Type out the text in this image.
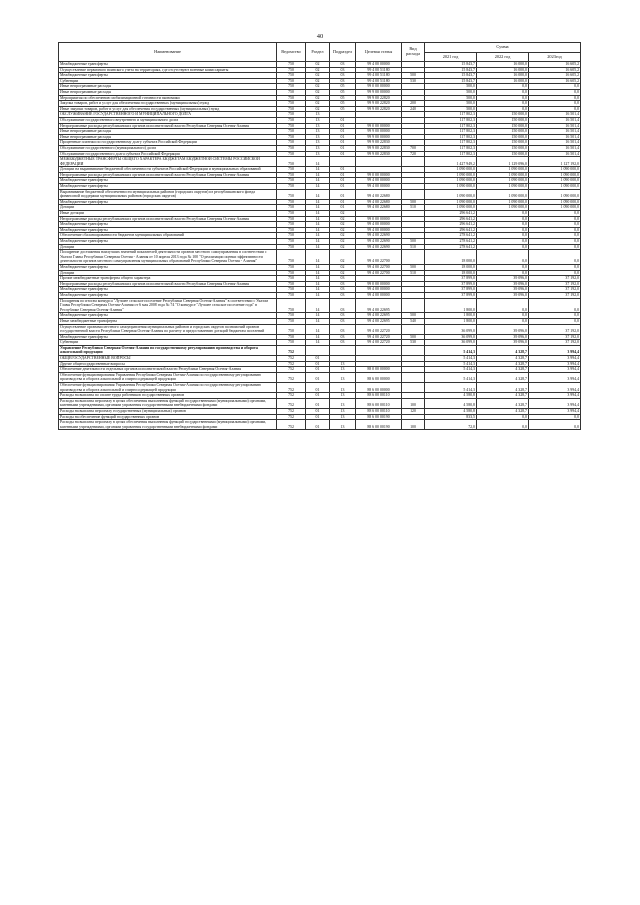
40
Наименование	Ведомство	Раздел	Подраздел	Целевая статья	Вид расхода	Сумма		
						2021 год	2022 год	2023год
Межбюджетные трансферты	750	02	03	99 4 00 00000		15 843,7	16 000,0	16 605,2
Осуществление первичного воинского учета на территориях, где отсутствуют военные комиссариаты	750	02	03	99 4 00 51180		15 843,7	16 000,0	16 605,2
Межбюджетные трансферты	750	02	03	99 4 00 51180	500	15 843,7	16 000,0	16 605,2
Субвенции	750	02	03	99 4 00 51180	530	15 843,7	16 000,0	16 605,2
Иные непрограммные расходы	750	02	05	99 0 00 00000		500,0	0,0	0,0
Иные непрограммные расходы	750	02	05	99 9 00 00000		500,0	0,0	0,0
Мероприятия по обеспечению мобилизационной готовности экономики	750	02	05	99 9 00 22820		500,0	0,0	0,0
Закупка товаров, работ и услуг для обеспечения государственных (муниципальных) нужд	750	02	05	99 9 00 22820	200	500,0	0,0	0,0
Иные закупки товаров, работ и услуг для обеспечения государственных (муниципальных) нужд	750	02	05	99 9 00 22820	240	500,0	0,0	0,0
ОБСЛУЖИВАНИЕ ГОСУДАРСТВЕННОГО И МУНИЦИПАЛЬНОГО ДОЛГА	750	13				117 802,3	150 000,0	16 501,4
Обслуживание государственного внутреннего и муниципального долга	750	13	01			117 802,3	150 000,0	16 501,4
Непрограммные расходы республиканских органов исполнительной власти Республики Северная Осетия-Алания	750	13	01	99 0 00 00000		117 802,3	150 000,0	16 501,4
Иные непрограммные расходы	750	13	01	99 9 00 00000		117 802,3	150 000,0	16 501,4
Иные непрограммные расходы	750	13	01	99 9 00 00000		117 802,3	150 000,0	16 501,4
Процентные платежи по государственному долгу субъекта Российской Федерации	750	13	01	99 9 00 22830		117 802,3	150 000,0	16 501,4
Обслуживание государственного (муниципального) долга	750	13	01	99 9 00 22830	700	117 802,3	150 000,0	16 501,4
Обслуживание государственного долга субъекта Российской Федерации	750	13	01	99 9 00 22830	720	117 802,3	150 000,0	16 501,4
МЕЖБЮДЖЕТНЫЕ ТРАНСФЕРТЫ ОБЩЕГО ХАРАКТЕРА БЮДЖЕТАМ БЮДЖЕТНОЙ СИСТЕМЫ РОССИЙСКОЙ ФЕДЕРАЦИИ	750	14				1 427 949,2	1 129 096,0	1 127 192,0
Дотации на выравнивание бюджетной обеспеченности субъектов Российской Федерации и муниципальных образований	750	14	01			1 090 000,0	1 090 000,0	1 090 000,0
Непрограммные расходы республиканских органов исполнительной власти Республики Северная Осетия-Алания	750	14	01	99 0 00 00000		1 090 000,0	1 090 000,0	1 090 000,0
Межбюджетные трансферты	750	14	01	99 4 00 00000		1 090 000,0	1 090 000,0	1 090 000,0
Межбюджетные трансферты	750	14	01	99 4 00 00000		1 090 000,0	1 090 000,0	1 090 000,0
Выравнивание бюджетной обеспеченности муниципальных районов (городских округов) из республиканского фонда финансовой поддержки муниципальных районов (городских округов)	750	14	01	99 4 00 22680		1 090 000,0	1 090 000,0	1 090 000,0
Межбюджетные трансферты	750	14	01	99 4 00 22680	500	1 090 000,0	1 090 000,0	1 090 000,0
Дотации	750	14	01	99 4 00 22680	510	1 090 000,0	1 090 000,0	1 090 000,0
Иные дотации	750	14	02			296 641,2	0,0	0,0
Непрограммные расходы республиканских органов исполнительной власти Республики Северная Осетия-Алания	750	14	02	99 0 00 00000		296 641,2	0,0	0,0
Межбюджетные трансферты	750	14	02	99 4 00 00000		296 641,2	0,0	0,0
Межбюджетные трансферты	750	14	02	99 4 00 00000		296 641,2	0,0	0,0
Обеспечение сбалансированности бюджетов муниципальных образований	750	14	02	99 4 00 22690		278 641,2	0,0	0,0
Межбюджетные трансферты	750	14	02	99 4 00 22690	500	278 641,2	0,0	0,0
Дотации	750	14	02	99 4 00 22690	510	278 641,2	0,0	0,0
Поощрение достижения наилучших значений показателей деятельности органов местного самоуправления в соответствии с Указом Главы Республики Северная Осетия - Алания от 10 апреля 2013 года № 100 "О реализации оценки эффективности деятельности органов местного самоуправления муниципальных образований Республики Северная Осетия - Алания"	750	14	02	99 4 00 22700		18 000,0	0,0	0,0
Межбюджетные трансферты	750	14	02	99 4 00 22700	500	18 000,0	0,0	0,0
Дотации	750	14	02	99 4 00 22700	510	18 000,0	0,0	0,0
Прочие межбюджетные трансферты общего характера	750	14	03			37 899,0	39 096,0	37 192,0
Непрограммные расходы республиканских органов исполнительной власти Республики Северная Осетия-Алания	750	14	03	99 0 00 00000		37 899,0	39 096,0	37 192,0
Межбюджетные трансферты	750	14	03	99 4 00 00000		37 899,0	39 096,0	37 192,0
Межбюджетные трансферты	750	14	03	99 4 00 00000		37 899,0	39 096,0	37 192,0
Поощрения по итогам конкурса "Лучшее сельское поселение Республики Северная Осетия-Алания" в соответствии с Указом Главы Республики Северная Осетия-Алания от 6 мая 2008 года № 74 "О конкурсе "Лучшее сельское поселение года" в Республике Северная Осетия-Алания"	750	14	03	99 4 00 22695		1 800,0	0,0	0,0
Межбюджетные трансферты	750	14	03	99 4 00 22695	500	1 800,0	0,0	0,0
Иные межбюджетные трансферты	750	14	03	99 4 00 22695	540	1 800,0	0,0	0,0
Осуществление органами местного самоуправления муниципальных районов и городских округов полномочий органов государственной власти Республики Северная Осетия-Алания по расчету и предоставлению дотаций бюджетам поселений	750	14	03	99 4 00 22720		36 099,0	39 096,0	37 192,0
Межбюджетные трансферты	750	14	03	99 4 00 22720	500	36 099,0	39 096,0	37 192,0
Субвенции	750	14	03	99 4 00 22720	530	36 099,0	39 096,0	37 192,0
Управление Республики Северная Осетия-Алания по государственному регулированию производства и оборота алкогольной продукции	752					5 414,3	4 328,7	3 994,4
ОБЩЕГОСУДАРСТВЕННЫЕ ВОПРОСЫ	752	01				5 414,3	4 328,7	3 994,4
Другие общегосударственные вопросы	752	01	13			5 414,3	4 328,7	3 994,4
Обеспечение деятельности отдельных органов исполнительной власти Республики Северная Осетия-Алания	752	01	13	88 0 00 00000		5 414,3	4 328,7	3 994,4
Обеспечение функционирования Управления Республики Северная Осетия-Алания по государственному регулированию производства и оборота алкогольной и спиртосодержащей продукции	752	01	13	88 6 00 00000		5 414,3	4 328,7	3 994,4
Обеспечение функционирования Управления Республики Северная Осетия-Алания по государственному регулированию производства и оборота алкогольной и спиртосодержащей продукции	752	01	13	88 6 00 00000		5 414,3	4 328,7	3 994,4
Расходы на выплаты по оплате труда работников государственных органов	752	01	13	88 6 00 00110		4 580,8	4 328,7	3 994,4
Расходы на выплаты персоналу в целях обеспечения выполнения функций государственными (муниципальными) органами, казенными учреждениями, органами управления государственными внебюджетными фондами	752	01	13	88 6 00 00110	100	4 580,8	4 328,7	3 994,4
Расходы на выплаты персоналу государственных (муниципальных) органов	752	01	13	88 6 00 00110	120	4 580,8	4 328,7	3 994,4
Расходы на обеспечение функций государственных органов	752	01	13	88 6 00 00190		833,5	0,0	0,0
Расходы на выплаты персоналу в целях обеспечения выполнения функций государственными (муниципальными) органами, казенными учреждениями, органами управления государственными внебюджетными фондами	752	01	13	88 6 00 00190	100	72,0	0,0	0,0
